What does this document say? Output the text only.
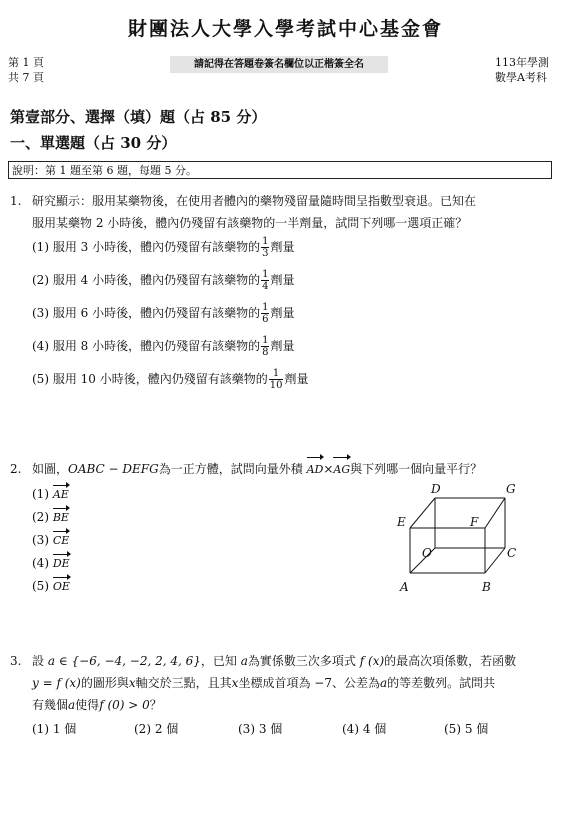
財團法人大學入學考試中心基金會
第 1 頁
共 7 頁
請記得在答題卷簽名欄位以正楷簽全名	113年學測
數學A考科
第壹部分、選擇（填）題（占 85 分）
一、單選題（占 30 分）
說明：第 1 題至第 6 題，每題 5 分。
1. 研究顯示：服用某藥物後，在使用者體內的藥物殘留量隨時間呈指數型衰退。已知在
服用某藥物 2 小時後，體內仍殘留有該藥物的一半劑量，試問下列哪一選項正確？
(1) 服用 3 小時後，體內仍殘留有該藥物的 $\frac{1}{3}$ 劑量
(2) 服用 4 小時後，體內仍殘留有該藥物的 $\frac{1}{4}$ 劑量
(3) 服用 6 小時後，體內仍殘留有該藥物的 $\frac{1}{6}$ 劑量
(4) 服用 8 小時後，體內仍殘留有該藥物的 $\frac{1}{8}$ 劑量
(5) 服用 10 小時後，體內仍殘留有該藥物的 $\frac{1}{10}$ 劑量
2. 如圖，OABC − DEFG為一正方體，試問向量外積 AD×AG與下列哪一個向量平行？
(1) AE
(2) BE
(3) CE
(4) DE
(5) OE
D	G
E	F
O	C
A	B
3. 設 a ∈ {−6, −4, −2, 2, 4, 6}，已知 a為實係數三次多項式 f (x)的最高次項係數，若函數
y = f (x)的圖形與x軸交於三點，且其x坐標成首項為 −7、公差為a的等差數列。試問共
有幾個a使得f (0) > 0？
(1) 1 個	(2) 2 個	(3) 3 個	(4) 4 個	(5) 5 個
